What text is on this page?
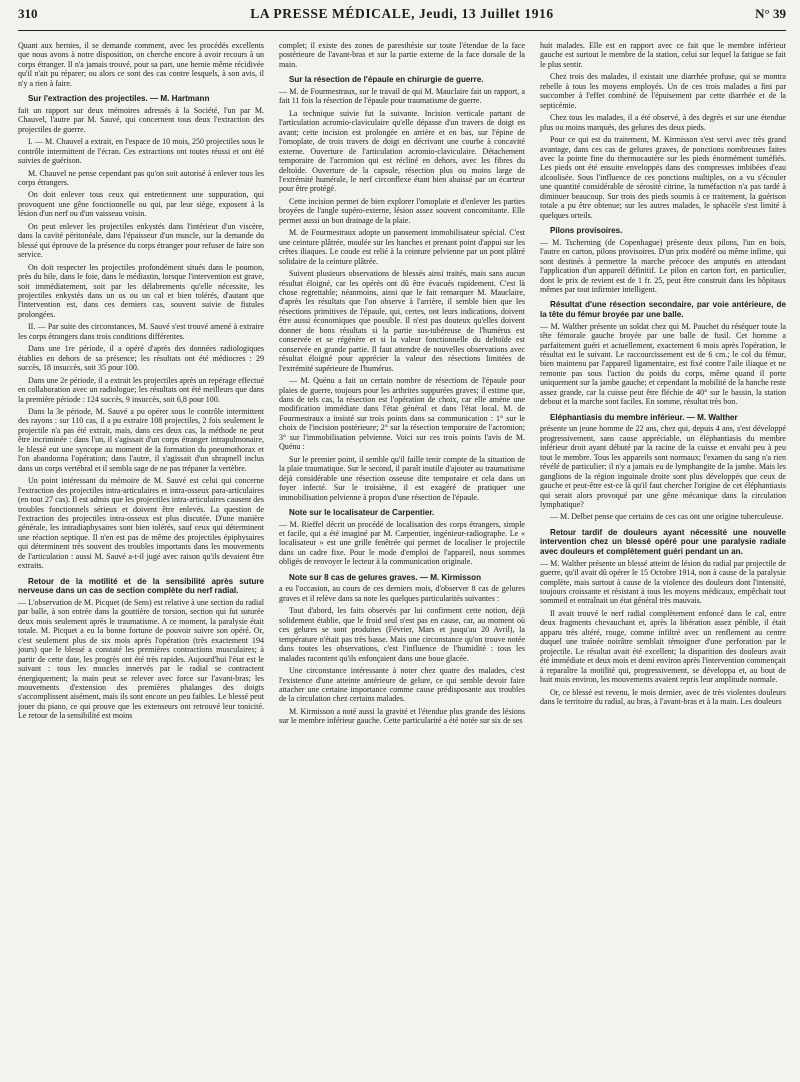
310	LA PRESSE MÉDICALE, Jeudi, 13 Juillet 1916	N° 39

Quant aux hernies, il se demande comment, avec les procédés excellents que nous avons à notre disposition, on cherche encore à avoir recours à un corps étranger. Il n'a jamais trouvé, pour sa part, une hernie même récidivée qu'il n'ait pu réparer; ou alors ce sont des cas contre lesquels, à son avis, il n'y a rien à faire.

Sur l'extraction des projectiles. — M. Hartmann

fait un rapport sur deux mémoires adressés à la Société, l'un par M. Chauvel, l'autre par M. Sauvé, qui concernent tous deux l'extraction des projectiles de guerre.

I. — M. Chauvel a extrait, en l'espace de 10 mois, 250 projectiles sous le contrôle intermittent de l'écran. Ces extractions ont toutes réussi et ont été suivies de guérison.

M. Chauvel ne pense cependant pas qu'on soit autorisé à enlever tous les corps étrangers.

On doit enlever tous ceux qui entretiennent une suppuration, qui provoquent une gêne fonctionnelle ou qui, par leur siège, exposent à la lésion d'un nerf ou d'un vaisseau voisin.

On peut enlever les projectiles enkystés dans l'intérieur d'un viscère, dans la cavité péritonéale, dans l'épaisseur d'un muscle, sur la demande du blessé qui éprouve de la présence du corps étranger pour refuser de faire son service.

On doit respecter les projectiles profondément situés dans le poumon, près du hile, dans le foie, dans le médiastin, lorsque l'intervention est grave, soit immédiatement, soit par les délabrements qu'elle nécessite, les projectiles enkystés dans un os ou un cal et bien tolérés, d'autant que l'intervention est, dans ces derniers cas, souvent suivie de fistules prolongées.

II. — Par suite des circonstances, M. Sauvé s'est trouvé amené à extraire les corps étrangers dans trois conditions différentes.

Dans une 1re période, il a opéré d'après des données radiologiques établies en dehors de sa présence; les résultats ont été médiocres : 29 succès, 18 insuccès, soit 35 pour 100.

Dans une 2e période, il a extrait les projectiles après un repérage effectué en collaboration avec un radiologue; les résultats ont été meilleurs que dans la première période : 124 succès, 9 insuccès, soit 6,8 pour 100.

Dans la 3e période, M. Sauvé a pu opérer sous le contrôle intermittent des rayons : sur 110 cas, il a pu extraire 108 projectiles, 2 fois seulement le projectile n'a pas été extrait, mais, dans ces deux cas, la méthode ne peut être incriminée : dans l'un, il s'agissait d'un corps étranger intrapulmonaire, le blessé eut une syncope au moment de la formation du pneumothorax et l'on abandonna l'opération; dans l'autre, il s'agissait d'un shrapnell inclus dans un corps vertébral et il sembla sage de ne pas trépaner la vertèbre.

Un point intéressant du mémoire de M. Sauvé est celui qui concerne l'extraction des projectiles intra-articulaires et intra-osseux para-articulaires (en tout 27 cas). Il est admis que les projectiles intra-articulaires causent des troubles fonctionnels sérieux et doivent être enlevés. La question de l'extraction des projectiles intra-osseux est plus discutée. D'une manière générale, les intradiaphysaires sont bien tolérés, sauf ceux qui déterminent une réaction septique. Il n'en est pas de même des projectiles épiphysaires qui déterminent très souvent des troubles importants dans les mouvements de l'articulation : aussi M. Sauvé a-t-il jugé avec raison qu'ils devaient être extraits.

Retour de la motilité et de la sensibilité après suture nerveuse dans un cas de section complète du nerf radial.

— L'observation de M. Picquet (de Sens) est relative à une section du radial par balle, à son entrée dans la gouttière de torsion, section qui fut suturée deux mois seulement après le traumatisme. A ce moment, la paralysie était totale. M. Picquet a eu la bonne fortune de pouvoir suivre son opéré. Or, c'est seulement plus de six mois après l'opération (très exactement 194 jours) que le blessé a constaté les premières contractions musculaires; à partir de cette date, les progrès ont été très rapides. Aujourd'hui l'état est le suivant : tous les muscles innervés par le radial se contractent énergiquement; la main peut se relever avec force sur l'avant-bras; les mouvements d'extension des premières phalanges des doigts s'accomplissent aisément, mais ils sont encore un peu faibles. Le blessé peut jouer du piano, ce qui prouve que les extenseurs ont retrouvé leur tonicité. Le retour de la sensibilité est moins

complet; il existe des zones de paresthésie sur toute l'étendue de la face postérieure de l'avant-bras et sur la partie externe de la face dorsale de la main.

Sur la résection de l'épaule en chirurgie de guerre.

— M. de Fourmestraux, sur le travail de qui M. Mauclaire fait un rapport, a fait 11 fois la résection de l'épaule pour traumatisme de guerre.

La technique suivie fut la suivante. Incision verticale partant de l'articulation acromio-claviculaire qu'elle dépasse d'un travers de doigt en avant; cette incision est prolongée en arrière et en bas, sur l'épine de l'omoplate, de trois travers de doigt en décrivant une courbe à concavité externe. Ouverture de l'articulation acromio-claviculaire. Détachement temporaire de l'acromion qui est récliné en dehors, avec les fibres du deltoïde. Ouverture de la capsule, résection plus ou moins large de l'extrémité humérale, le nerf circonflexe étant bien abaissé par un écarteur pour être protégé.

Cette incision permet de bien explorer l'omoplate et d'enlever les parties broyées de l'angle supéro-externe, lésion assez souvent concomitante. Elle permet aussi un bon drainage de la plaie.

M. de Fourmestraux adopte un pansement immobilisateur spécial. C'est une ceinture plâtrée, moulée sur les hanches et prenant point d'appui sur les crêtes iliaques. Le coude est relié à la ceinture pelvienne par un pont plâtré solidaire de la ceinture plâtrée.

Suivent plusieurs observations de blessés ainsi traités, mais sans aucun résultat éloigné, car les opérés ont dû être évacués rapidement. C'est là chose regrettable; néanmoins, ainsi que le fait remarquer M. Mauclaire, d'après les résultats que l'on observe à l'arrière, il semble bien que les résections primitives de l'épaule, qui, certes, ont leurs indications, doivent être aussi économiques que possible. Il n'est pas douteux qu'elles doivent donner de bons résultats si la partie sus-tubéreuse de l'humérus est conservée et se régénère et si la valeur fonctionnelle du deltoïde est conservée en grande partie. Il faut attendre de nouvelles observations avec résultat éloigné pour apprécier la valeur des résections limitées de l'extrémité supérieure de l'humérus.

— M. Quénu a fait un certain nombre de résections de l'épaule pour plaies de guerre, toujours pour les arthrites suppurées graves; il estime que, dans de tels cas, la résection est l'opération de choix, car elle amène une modification immédiate dans l'état général et dans l'état local. M. de Fourmestraux a insisté sur trois points dans sa communication : 1° sur le choix de l'incision postérieure; 2° sur la résection temporaire de l'acromion; 3° sur l'immobilisation pelvienne. Voici sur ces trois points l'avis de M. Quénu :

Sur le premier point, il semble qu'il faille tenir compte de la situation de la plaie traumatique. Sur le second, il paraît inutile d'ajouter au traumatisme déjà considérable une résection osseuse dite temporaire et cela dans un foyer infecté. Sur le troisième, il est exagéré de pratiquer une immobilisation pelvienne à propos d'une résection de l'épaule.

Note sur le localisateur de Carpentier.

— M. Rieffel décrit un procédé de localisation des corps étrangers, simple et facile, qui a été imaginé par M. Carpentier, ingénieur-radiographe. Le « localisateur » est une grille fenêtrée qui permet de localiser le projectile dans un cadre fixe. Pour le mode d'emploi de l'appareil, nous sommes obligés de renvoyer le lecteur à la communication originale.

Note sur 8 cas de gelures graves. — M. Kirmisson

a eu l'occasion, au cours de ces derniers mois, d'observer 8 cas de gelures graves et il relève dans sa note les quelques particularités suivantes :

Tout d'abord, les faits observés par lui confirment cette notion, déjà solidement établie, que le froid seul n'est pas en cause, car, au moment où ces gelures se sont produites (Février, Mars et jusqu'au 20 Avril), la température n'était pas très basse. Mais une circonstance qu'on trouve notée dans toutes les observations, c'est l'influence de l'humidité : tous les malades racontent qu'ils enfonçaient dans une boue glacée.

Une circonstance intéressante à noter chez quatre des malades, c'est l'existence d'une atteinte antérieure de gelure, ce qui semble devoir faire attacher une certaine importance comme cause prédisposante aux troubles de la circulation chez certains malades.

M. Kirmisson a noté aussi la gravité et l'étendue plus grande des lésions sur le membre inférieur gauche. Cette particularité a été notée sur six de ses

huit malades. Elle est en rapport avec ce fait que le membre inférieur gauche est surtout le membre de la station, celui sur lequel la fatigue se fait le plus sentir.

Chez trois des malades, il existait une diarrhée profuse, qui se montra rebelle à tous les moyens employés. Un de ces trois malades a fini par succomber à l'effet combiné de l'épuisement par cette diarrhée et de la septicémie.

Chez tous les malades, il a été observé, à des degrés et sur une étendue plus ou moins marqués, des gelures des deux pieds.

Pour ce qui est du traitement, M. Kirmisson s'est servi avec très grand avantage, dans ces cas de gelures graves, de ponctions nombreuses faites avec la pointe fine du thermocautère sur les pieds énormément tuméfiés. Les pieds ont été ensuite enveloppés dans des compresses imbibées d'eau alcoolisée. Sous l'influence de ces ponctions multiples, on a vu s'écouler une quantité considérable de sérosité citrine, la tuméfaction n'a pas tardé à diminuer beaucoup. Sur trois des pieds soumis à ce traitement, la guérison totale a pu être obtenue; sur les autres malades, le sphacèle s'est limité à quelques orteils.

Pilons provisoires.

— M. Tscherning (de Copenhague) présente deux pilons, l'un en bois, l'autre en carton, pilons provisoires. D'un prix modéré ou même infime, qui sont destinés à permettre la marche précoce des amputés en attendant l'application d'un appareil définitif. Le pilon en carton fort, en particulier, dont le prix de revient est de 1 fr. 25, peut être construit dans les hôpitaux mêmes par tout infirmier intelligent.

Résultat d'une résection secondaire, par voie antérieure, de la tête du fémur broyée par une balle.

— M. Walther présente un soldat chez qui M. Pauchet du réséquer toute la tête fémorale gauche broyée par une balle de fusil. Cet homme a parfaitement guéri et actuellement, exactement 6 mois après l'opération, le résultat est le suivant. Le raccourcissement est de 6 cm.; le col du fémur, bien maintenu par l'appareil ligamentaire, est fixé contre l'aile iliaque et ne remonte pas sous l'action du poids du corps, même quand il porte uniquement sur la jambe gauche; et cependant la mobilité de la hanche reste assez grande, car la cuisse peut être fléchie de 40° sur le bassin, la station debout et la marche sont faciles. En somme, résultat très bon.

Eléphantiasis du membre inférieur. — M. Walther

présente un jeune homme de 22 ans, chez qui, depuis 4 ans, s'est développé progressivement, sans cause appréciable, un éléphantiasis du membre inférieur droit ayant débuté par la racine de la cuisse et envahi peu à peu tout le membre. Tous les appareils sont normaux; l'examen du sang n'a rien révélé de particulier; il n'y a jamais eu de lymphangite de la jambe. Mais les ganglions de la région inguinale droite sont plus développés que ceux de gauche et peut-être est-ce là qu'il faut chercher l'origine de cet éléphantiasis qui serait alors provoqué par une gêne mécanique dans la circulation lymphatique?

— M. Delbet pense que certains de ces cas ont une origine tuberculeuse.

Retour tardif de douleurs ayant nécessité une nouvelle intervention chez un blessé opéré pour une paralysie radiale avec douleurs et complètement guéri pendant un an.

— M. Walther présente un blessé atteint de lésion du radial par projectile de guerre, qu'il avait dû opérer le 15 Octobre 1914, non à cause de la paralysie complète, mais surtout à cause de la violence des douleurs dont l'intensité, toujours croissante et résistant à tous les moyens médicaux, empêchait tout sommeil et entraînait un état général très mauvais.

Il avait trouvé le nerf radial complètement enfoncé dans le cal, entre deux fragments chevauchant et, après la libération assez pénible, il était apparu très altéré, rouge, comme infiltré avec un renflement au centre duquel une traînée noirâtre semblait témoigner d'une perforation par le projectile. Le résultat avait été excellent; la disparition des douleurs avait été immédiate et deux mois et demi environ après l'intervention commençait à reparaître la motilité qui, progressivement, se développa et, au bout de huit mois environ, les mouvements avaient repris leur amplitude normale.

Or, ce blessé est revenu, le mois dernier, avec de très violentes douleurs dans le territoire du radial, au bras, à l'avant-bras et à la main. Les douleurs
